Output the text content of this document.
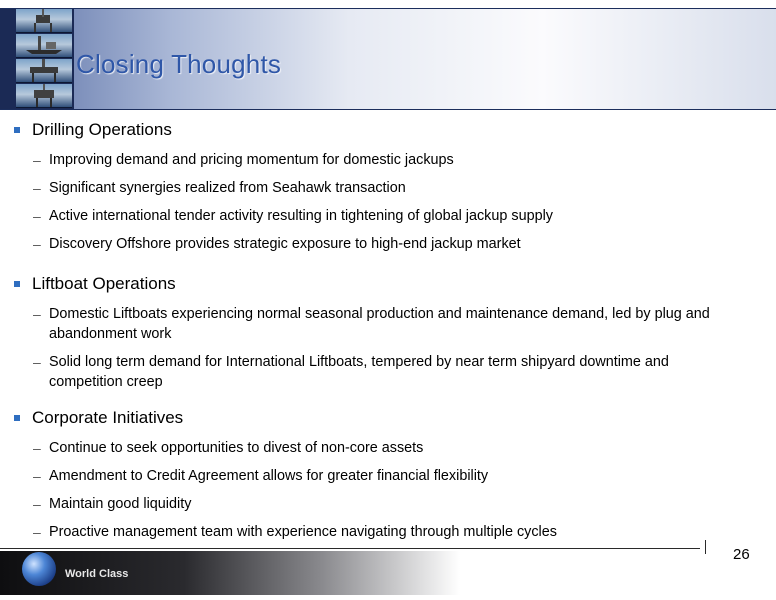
Closing Thoughts
Drilling Operations
– Improving demand and pricing momentum for domestic jackups
– Significant synergies realized from Seahawk transaction
– Active international tender activity resulting in tightening of global jackup supply
– Discovery Offshore provides strategic exposure to high-end jackup market
Liftboat Operations
– Domestic Liftboats experiencing normal seasonal production and maintenance demand, led by plug and abandonment work
– Solid long term demand for International Liftboats, tempered by near term shipyard downtime and competition creep
Corporate Initiatives
– Continue to seek opportunities to divest of non-core assets
– Amendment to Credit Agreement allows for greater financial flexibility
– Maintain good liquidity
– Proactive management team with experience navigating through multiple cycles
26
World Class
